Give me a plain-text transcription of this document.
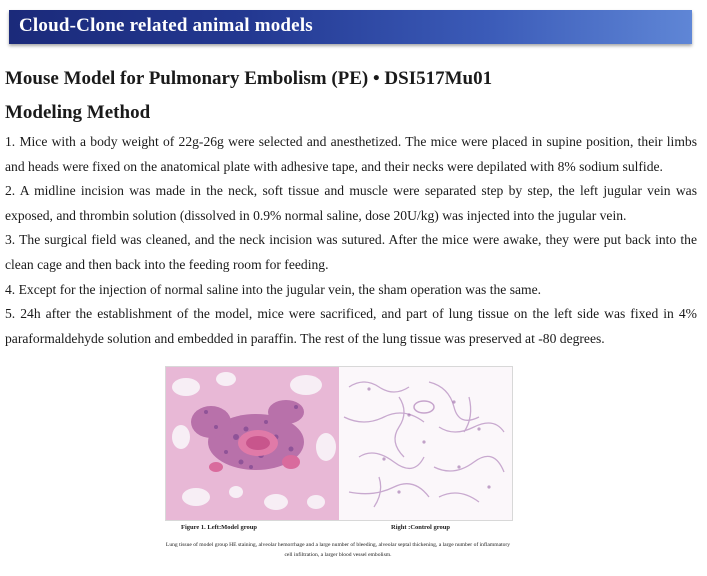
Cloud-Clone related animal models
Mouse Model for Pulmonary Embolism (PE) • DSI517Mu01
Modeling Method

1. Mice with a body weight of 22g-26g were selected and anesthetized. The mice were placed in supine position, their limbs and heads were fixed on the anatomical plate with adhesive tape, and their necks were depilated with 8% sodium sulfide.

2. A midline incision was made in the neck, soft tissue and muscle were separated step by step, the left jugular vein was exposed, and thrombin solution (dissolved in 0.9% normal saline, dose 20U/kg) was injected into the jugular vein.

3. The surgical field was cleaned, and the neck incision was sutured. After the mice were awake, they were put back into the clean cage and then back into the feeding room for feeding.

4. Except for the injection of normal saline into the jugular vein, the sham operation was the same.

5. 24h after the establishment of the model, mice were sacrificed, and part of lung tissue on the left side was fixed in 4% paraformaldehyde solution and embedded in paraffin. The rest of the lung tissue was preserved at -80 degrees.

Figure 1. Left:Model group	Right :Control group
Lung tissue of model group HE staining, alveolar hemorrhage and a large number of bleeding, alveolar septal thickening, a large number of inflammatory cell infiltration, a larger blood vessel embolism.
